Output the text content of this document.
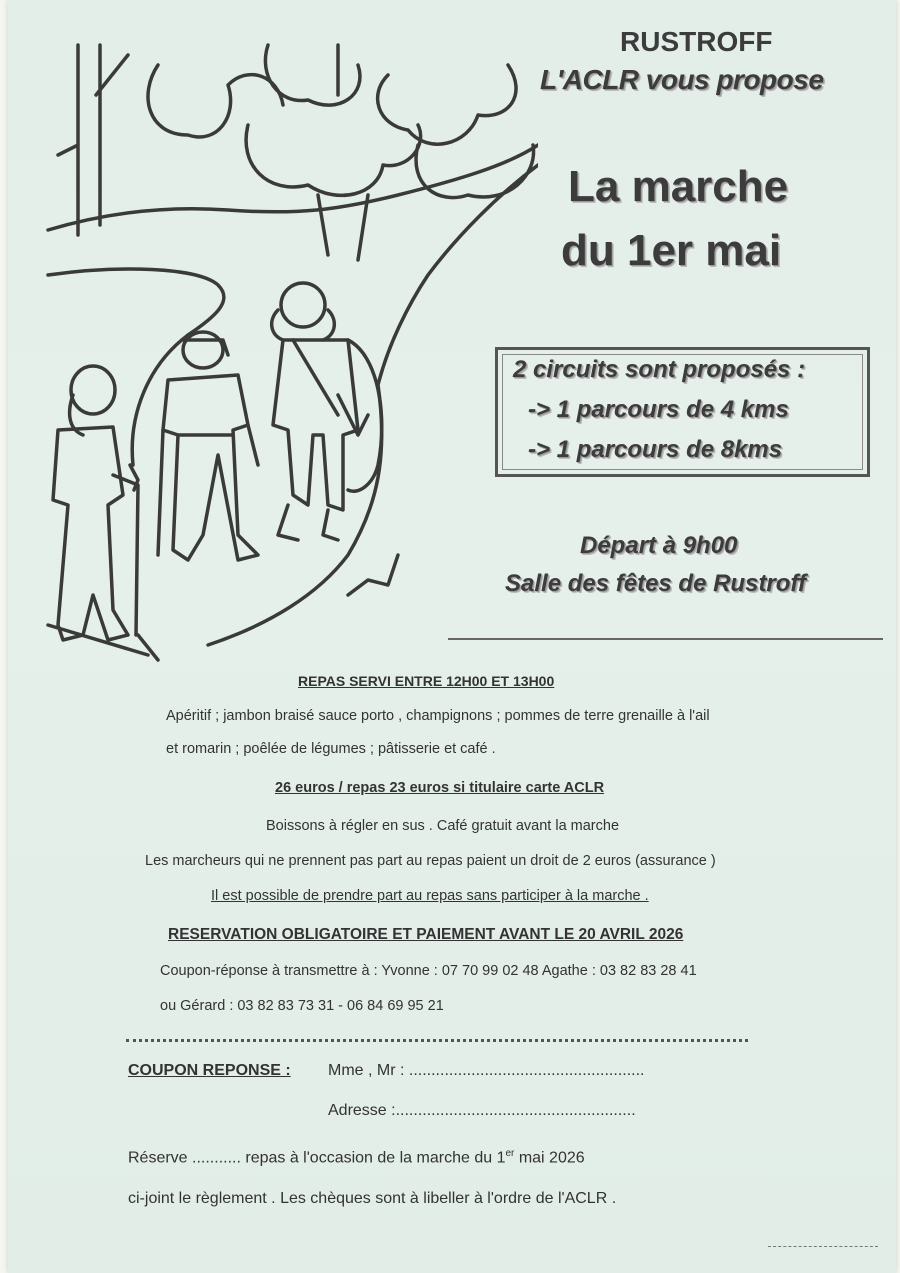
RUSTROFF
L'ACLR vous propose
La marche
du 1er mai
2 circuits sont proposés :
-> 1 parcours de 4 kms
-> 1 parcours de 8kms
Départ à 9h00
Salle des fêtes de Rustroff
REPAS SERVI ENTRE 12H00 ET 13H00
Apéritif ; jambon braisé sauce porto , champignons ; pommes de terre grenaille à l'ail
et romarin ; poêlée de légumes ; pâtisserie et café .
26 euros / repas 23 euros si titulaire carte ACLR
Boissons à régler en sus . Café gratuit avant la marche
Les marcheurs qui ne prennent pas part au repas paient un droit de 2 euros (assurance )
Il est possible de prendre part au repas sans participer à la marche .
RESERVATION OBLIGATOIRE ET PAIEMENT AVANT LE 20 AVRIL 2026
Coupon-réponse à transmettre à : Yvonne : 07 70 99 02 48 Agathe : 03 82 83 28 41
ou Gérard : 03 82 83 73 31 - 06 84 69 95 21
COUPON REPONSE : Mme , Mr : .....................................................
Adresse :......................................................
Réserve ........... repas à l'occasion de la marche du 1er mai 2026
ci-joint le règlement . Les chèques sont à libeller à l'ordre de l'ACLR .
